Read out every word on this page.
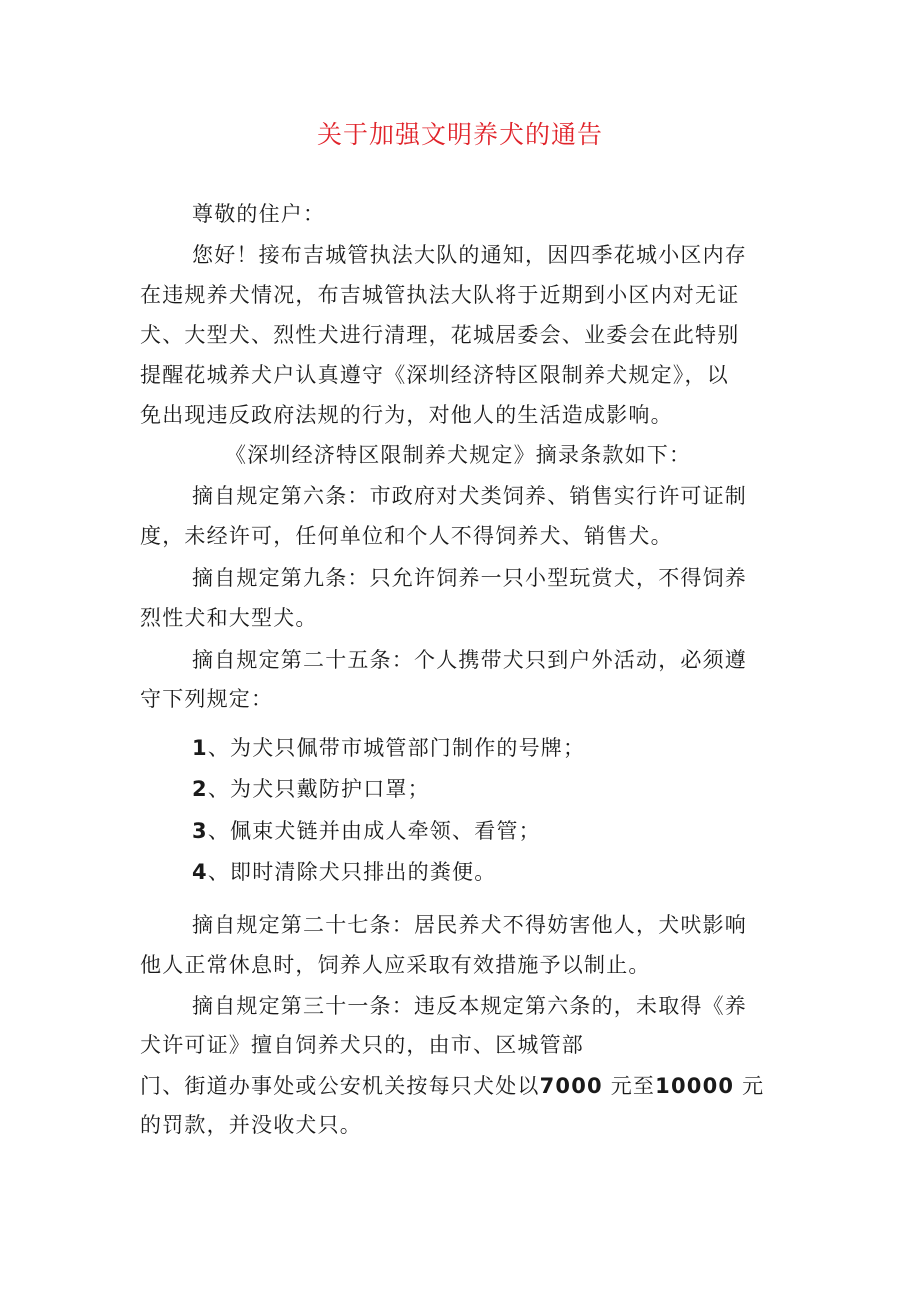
关于加强文明养犬的通告
尊敬的住户：
您好！接布吉城管执法大队的通知，因四季花城小区内存
在违规养犬情况，布吉城管执法大队将于近期到小区内对无证
犬、大型犬、烈性犬进行清理，花城居委会、业委会在此特别
提醒花城养犬户认真遵守《深圳经济特区限制养犬规定》，以
免出现违反政府法规的行为，对他人的生活造成影响。
《深圳经济特区限制养犬规定》摘录条款如下：
摘自规定第六条：市政府对犬类饲养、销售实行许可证制
度，未经许可，任何单位和个人不得饲养犬、销售犬。
摘自规定第九条：只允许饲养一只小型玩赏犬，不得饲养
烈性犬和大型犬。
摘自规定第二十五条：个人携带犬只到户外活动，必须遵
守下列规定：
1、为犬只佩带市城管部门制作的号牌；
2、为犬只戴防护口罩；
3、佩束犬链并由成人牵领、看管；
4、即时清除犬只排出的粪便。
摘自规定第二十七条：居民养犬不得妨害他人，犬吠影响
他人正常休息时，饲养人应采取有效措施予以制止。
摘自规定第三十一条：违反本规定第六条的，未取得《养
犬许可证》擅自饲养犬只的，由市、区城管部
门、街道办事处或公安机关按每只犬处以7000 元至10000 元
的罚款，并没收犬只。
